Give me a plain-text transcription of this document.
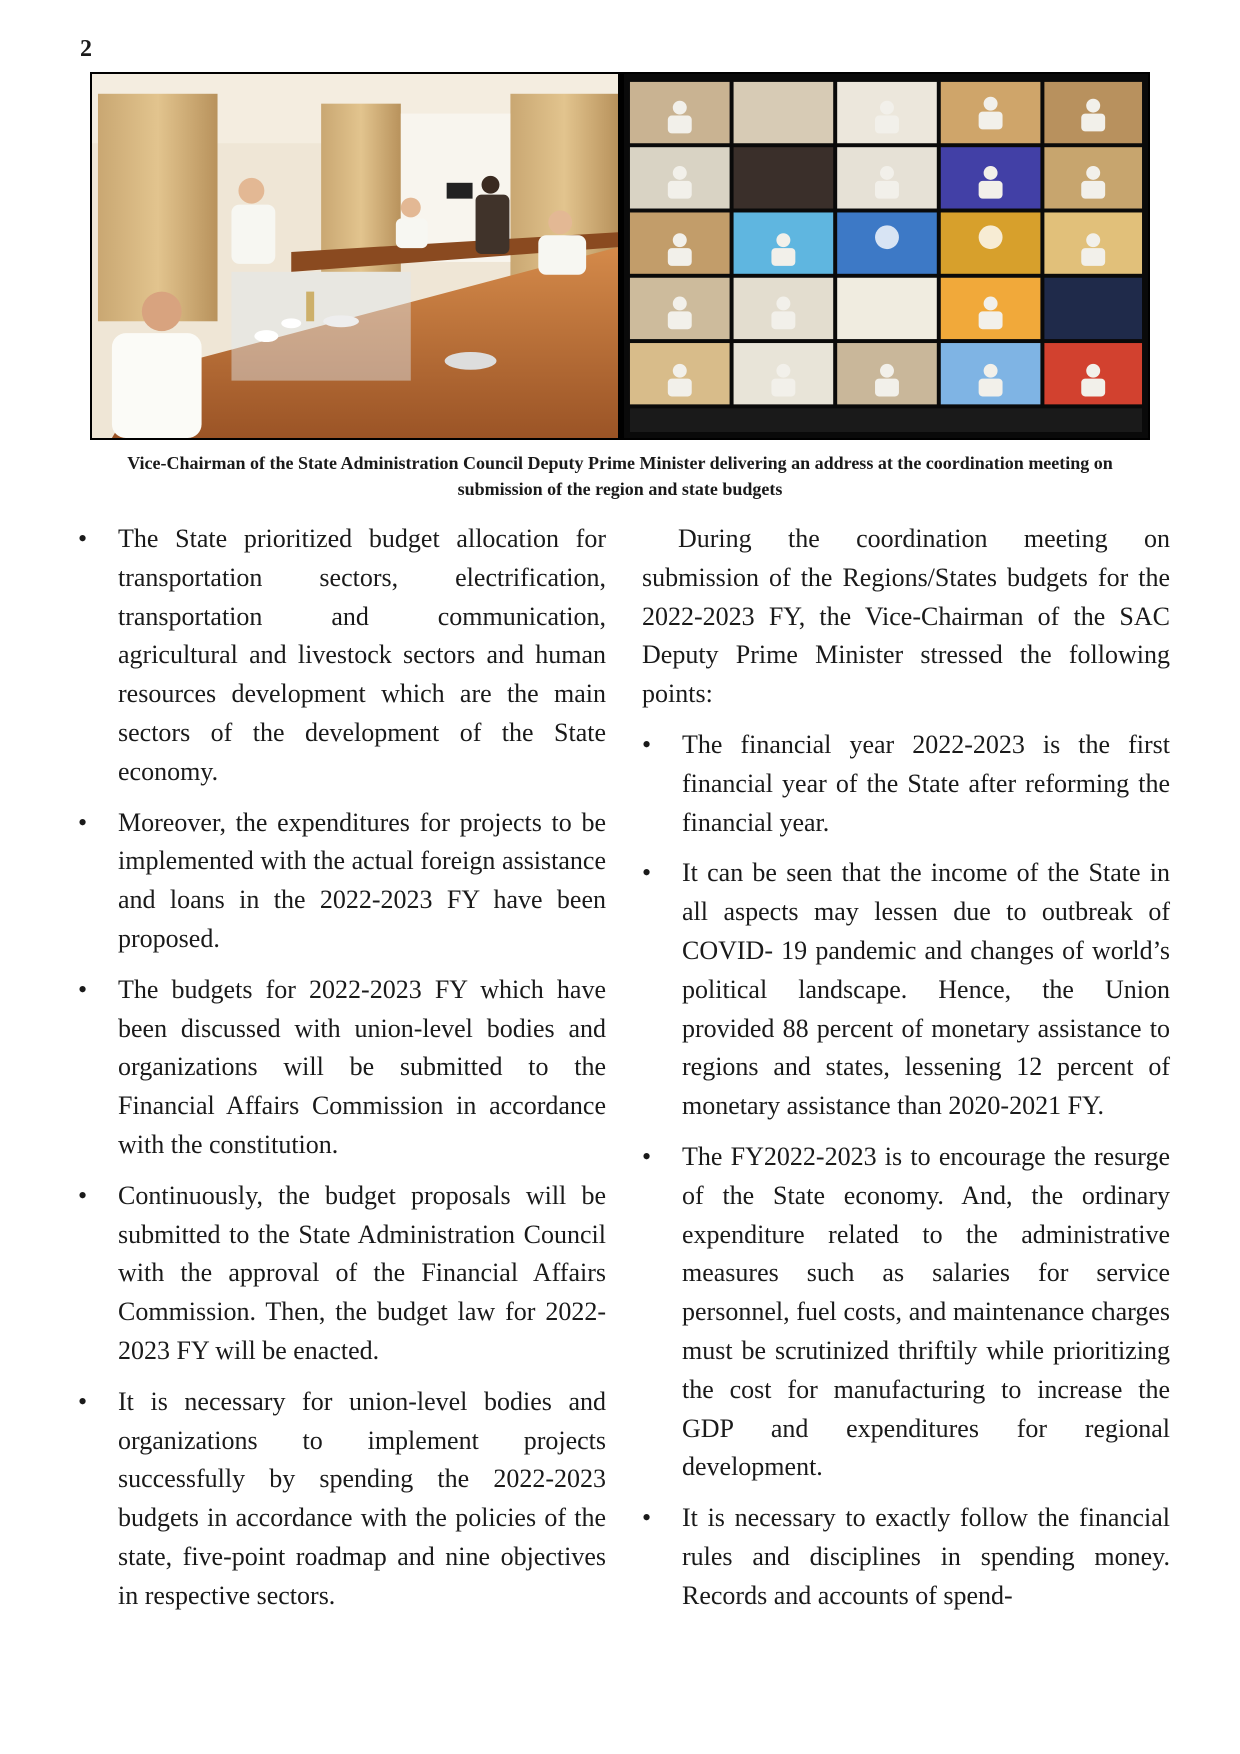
2

Vice-Chairman of the State Administration Council Deputy Prime Minister delivering an address at the coordination meeting on submission of the region and state budgets

• The State prioritized budget allocation for transportation sectors, electrification, transportation and communication, agricultural and livestock sectors and human resources development which are the main sectors of the development of the State economy.
• Moreover, the expenditures for projects to be implemented with the actual foreign assistance and loans in the 2022-2023 FY have been proposed.
• The budgets for 2022-2023 FY which have been discussed with union-level bodies and organizations will be submitted to the Financial Affairs Commission in accordance with the constitution.
• Continuously, the budget proposals will be submitted to the State Administration Council with the approval of the Financial Affairs Commission. Then, the budget law for 2022-2023 FY will be enacted.
• It is necessary for union-level bodies and organizations to implement projects successfully by spending the 2022-2023 budgets in accordance with the policies of the state, five-point roadmap and nine objectives in respective sectors.

During the coordination meeting on submission of the Regions/States budgets for the 2022-2023 FY, the Vice-Chairman of the SAC Deputy Prime Minister stressed the following points:

• The financial year 2022-2023 is the first financial year of the State after reforming the financial year.
• It can be seen that the income of the State in all aspects may lessen due to outbreak of COVID- 19 pandemic and changes of world’s political landscape. Hence, the Union provided 88 percent of monetary assistance to regions and states, lessening 12 percent of monetary assistance than 2020-2021 FY.
• The FY2022-2023 is to encourage the resurge of the State economy. And, the ordinary expenditure related to the administrative measures such as salaries for service personnel, fuel costs, and maintenance charges must be scrutinized thriftily while prioritizing the cost for manufacturing to increase the GDP and expenditures for regional development.
• It is necessary to exactly follow the financial rules and disciplines in spending money. Records and accounts of spend-
